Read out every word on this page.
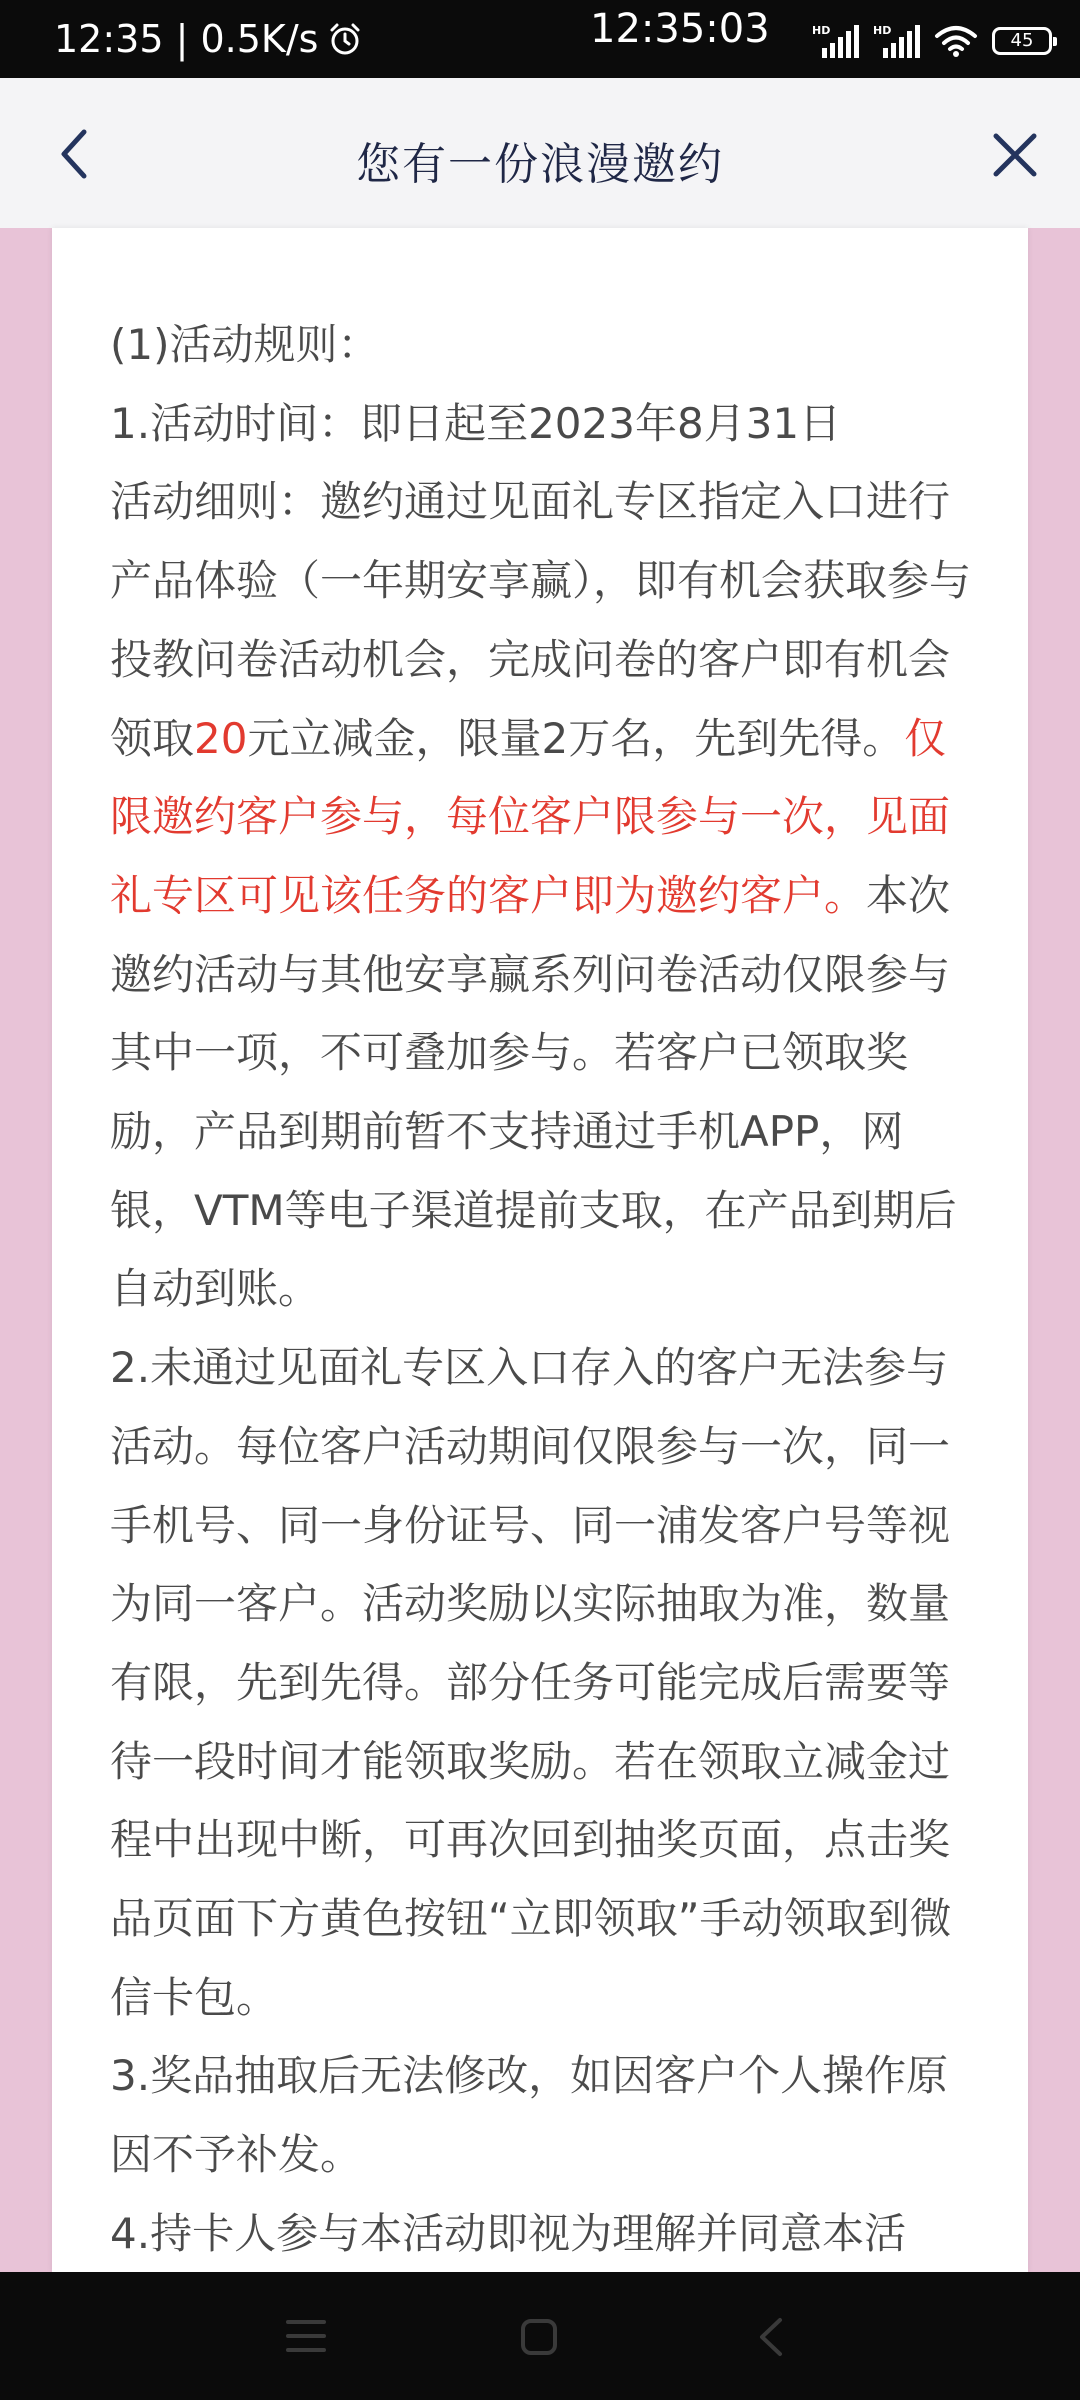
12:35 | 0.5K/s	12:35:03	HD	HD	45
您有一份浪漫邀约

(1)活动规则：

1.活动时间：即日起至2023年8月31日

活动细则：邀约通过见面礼专区指定入口进行产品体验（一年期安享赢），即有机会获取参与投教问卷活动机会，完成问卷的客户即有机会领取20元立减金，限量2万名，先到先得。仅限邀约客户参与，每位客户限参与一次，见面礼专区可见该任务的客户即为邀约客户。本次邀约活动与其他安享赢系列问卷活动仅限参与其中一项，不可叠加参与。若客户已领取奖励，产品到期前暂不支持通过手机APP，网银，VTM等电子渠道提前支取，在产品到期后自动到账。

2.未通过见面礼专区入口存入的客户无法参与活动。每位客户活动期间仅限参与一次，同一手机号、同一身份证号、同一浦发客户号等视为同一客户。活动奖励以实际抽取为准，数量有限，先到先得。部分任务可能完成后需要等待一段时间才能领取奖励。若在领取立减金过程中出现中断，可再次回到抽奖页面，点击奖品页面下方黄色按钮“立即领取”手动领取到微信卡包。

3.奖品抽取后无法修改，如因客户个人操作原因不予补发。

4.持卡人参与本活动即视为理解并同意本活
